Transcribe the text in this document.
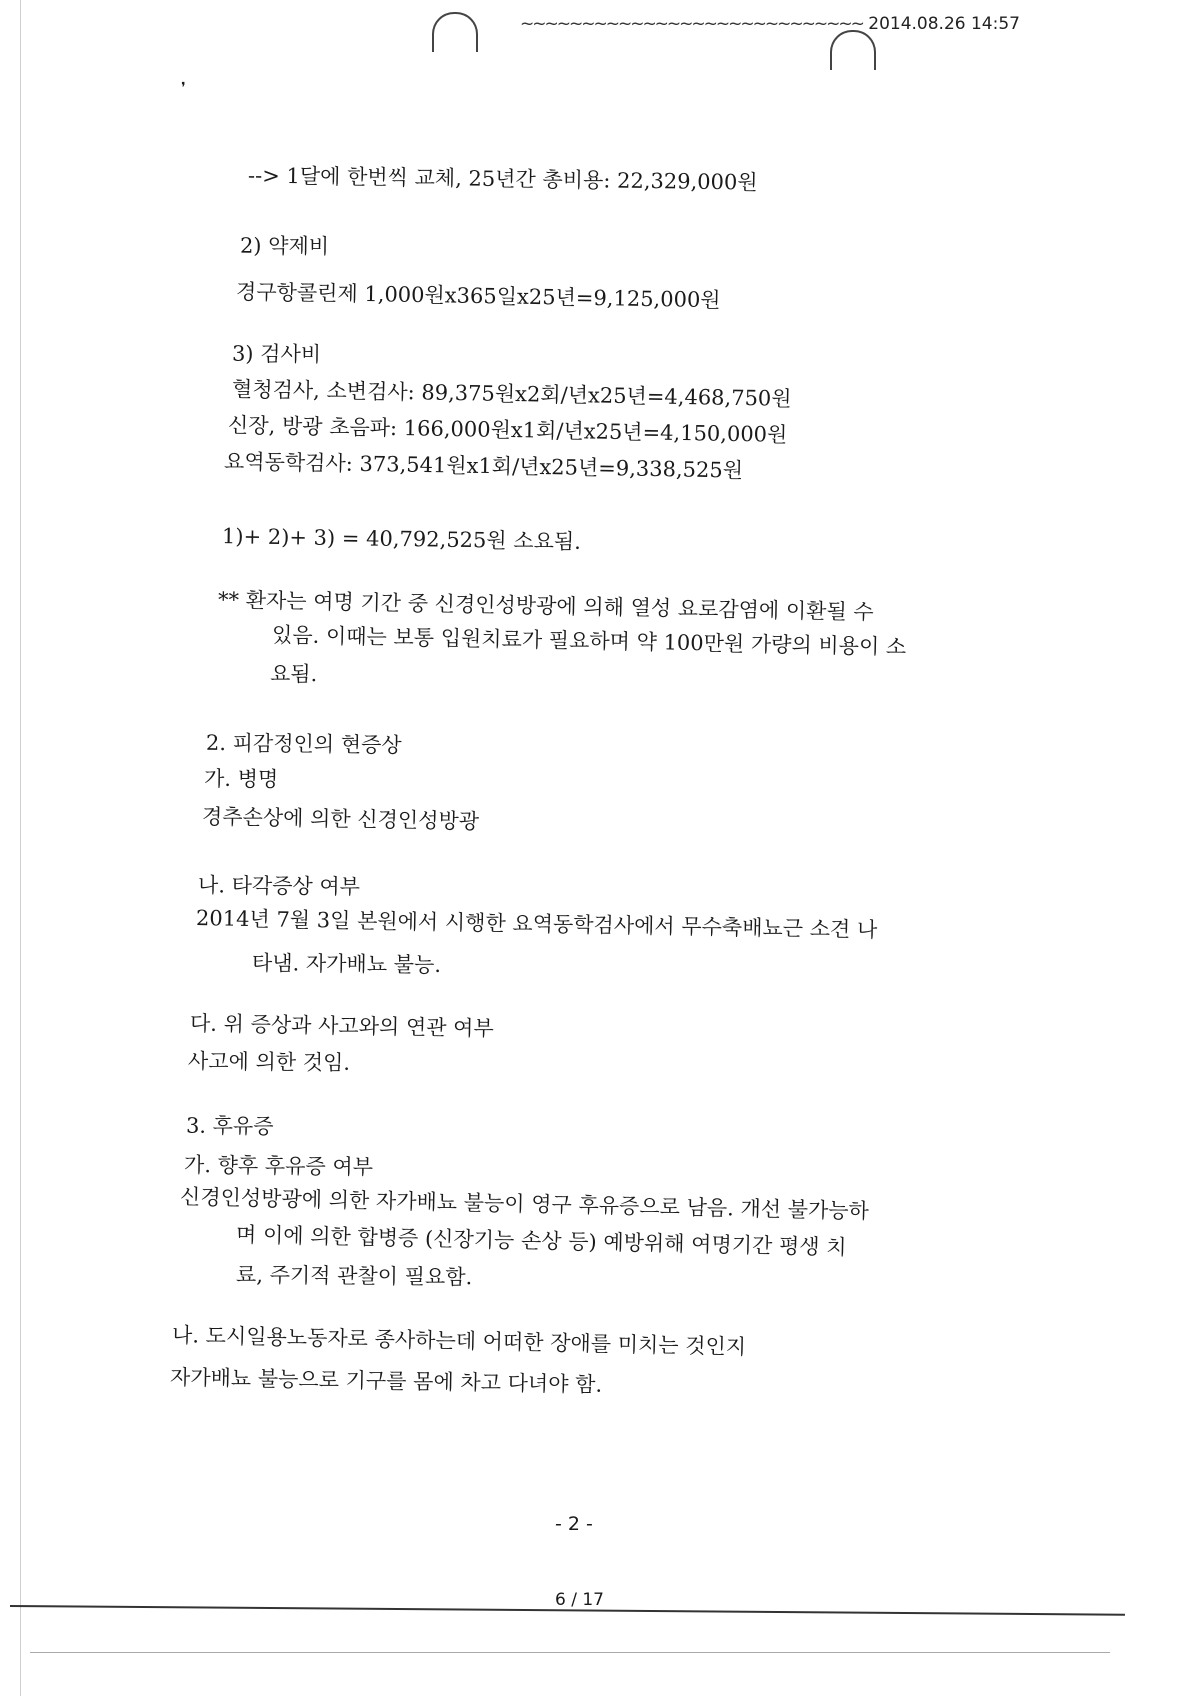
❜
~~~~~~~~~~~~~~~~~~~~~~~~~~~~ 2014.08.26 14:57
--> 1달에 한번씩 교체, 25년간 총비용: 22,329,000원
2) 약제비
경구항콜린제 1,000원x365일x25년=9,125,000원
3) 검사비
혈청검사, 소변검사: 89,375원x2회/년x25년=4,468,750원
신장, 방광 초음파: 166,000원x1회/년x25년=4,150,000원
요역동학검사: 373,541원x1회/년x25년=9,338,525원
1)+ 2)+ 3) = 40,792,525원 소요됨.
** 환자는 여명 기간 중 신경인성방광에 의해 열성 요로감염에 이환될 수
있음. 이때는 보통 입원치료가 필요하며 약 100만원 가량의 비용이 소
요됨.
2. 피감정인의 현증상
가. 병명
경추손상에 의한 신경인성방광
나. 타각증상 여부
2014년 7월 3일 본원에서 시행한 요역동학검사에서 무수축배뇨근 소견 나
타냄. 자가배뇨 불능.
다. 위 증상과 사고와의 연관 여부
사고에 의한 것임.
3. 후유증
가. 향후 후유증 여부
신경인성방광에 의한 자가배뇨 불능이 영구 후유증으로 남음. 개선 불가능하
며 이에 의한 합병증 (신장기능 손상 등) 예방위해 여명기간 평생 치
료, 주기적 관찰이 필요함.
나. 도시일용노동자로 종사하는데 어떠한 장애를 미치는 것인지
자가배뇨 불능으로 기구를 몸에 차고 다녀야 함.
- 2 -
6 / 17
